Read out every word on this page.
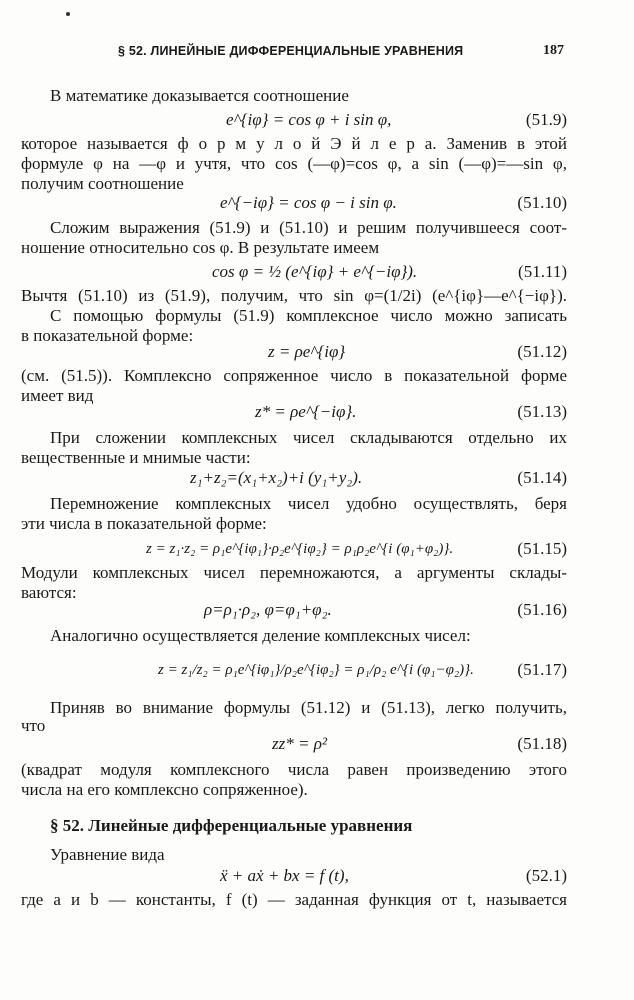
§ 52. ЛИНЕЙНЫЕ ДИФФЕРЕНЦИАЛЬНЫЕ УРАВНЕНИЯ	187
В математике доказывается соотношение
e^{iφ} = cos φ + i sin φ,	(51.9)
которое называется ф о р м у л о й Э й л е р а. Заменив в этой
формуле φ на —φ и учтя, что cos (—φ)=cos φ, a sin (—φ)=—sin φ,
получим соотношение
e^{−iφ} = cos φ − i sin φ.	(51.10)
Сложим выражения (51.9) и (51.10) и решим получившееся соот-
ношение относительно cos φ. В результате имеем
cos φ = ½ (e^{iφ} + e^{−iφ}).	(51.11)
Вычтя (51.10) из (51.9), получим, что sin φ=(1/2i) (e^{iφ}—e^{−iφ}).
С помощью формулы (51.9) комплексное число можно записать
в показательной форме:
z = ρe^{iφ}	(51.12)
(см. (51.5)). Комплексно сопряженное число в показательной форме
имеет вид
z* = ρe^{−iφ}.	(51.13)
При сложении комплексных чисел складываются отдельно их
вещественные и мнимые части:
z₁+z₂=(x₁+x₂)+i (y₁+y₂).	(51.14)
Перемножение комплексных чисел удобно осуществлять, беря
эти числа в показательной форме:
z = z₁·z₂ = ρ₁e^{iφ₁}·ρ₂e^{iφ₂} = ρ₁ρ₂e^{i (φ₁+φ₂)}.	(51.15)
Модули комплексных чисел перемножаются, а аргументы склады-
ваются:
ρ=ρ₁·ρ₂, φ=φ₁+φ₂.	(51.16)
Аналогично осуществляется деление комплексных чисел:
z = z₁/z₂ = ρ₁e^{iφ₁}/ρ₂e^{iφ₂} = ρ₁/ρ₂ e^{i (φ₁−φ₂)}.	(51.17)
Приняв во внимание формулы (51.12) и (51.13), легко получить,
что
zz* = ρ²	(51.18)
(квадрат модуля комплексного числа равен произведению этого
числа на его комплексно сопряженное).
§ 52. Линейные дифференциальные уравнения
Уравнение вида
ẍ + aẋ + bx = f (t),	(52.1)
где a и b — константы, f (t) — заданная функция от t, называется
